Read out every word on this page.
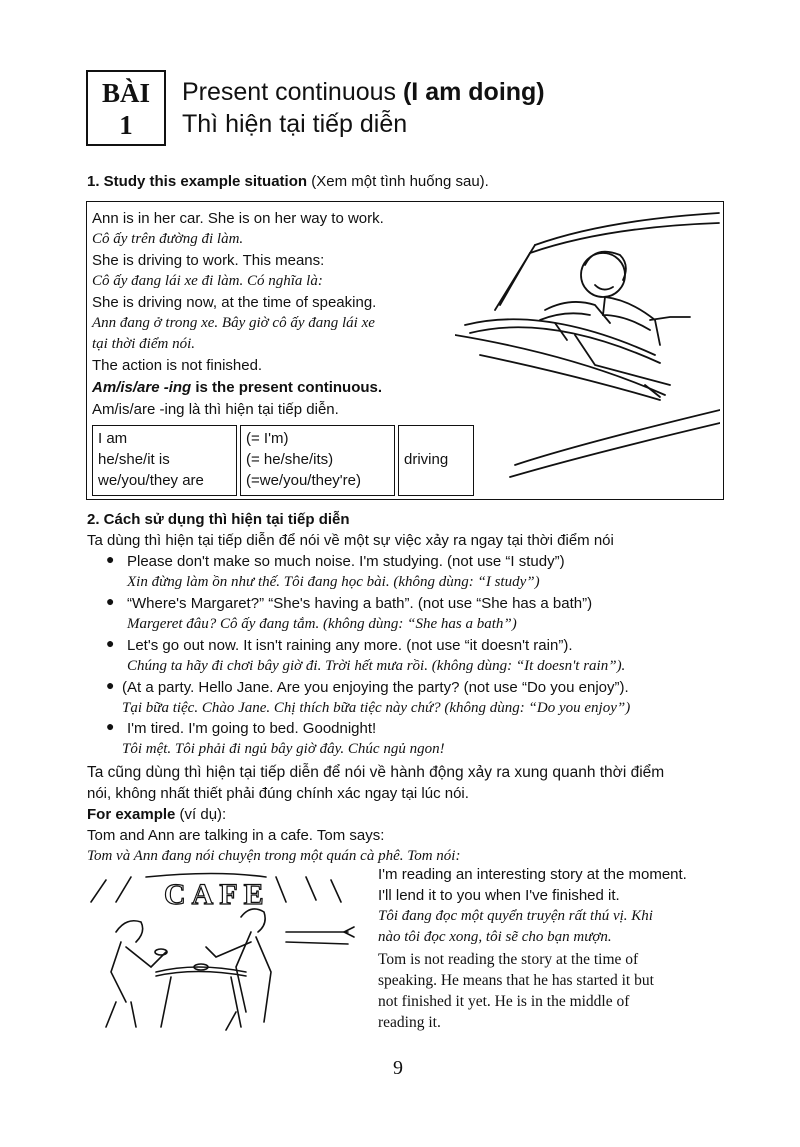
BÀI
1
Present continuous (I am doing)
Thì hiện tại tiếp diễn
1. Study this example situation (Xem một tình huống sau).
Ann is in her car. She is on her way to work.
Cô ấy trên đường đi làm.
She is driving to work. This means:
Cô ấy đang lái xe đi làm. Có nghĩa là:
She is driving now, at the time of speaking.
Ann đang ở trong xe. Bây giờ cô ấy đang lái xe
tại thời điểm nói.
The action is not finished.
Am/is/are -ing is the present continuous.
Am/is/are -ing là thì hiện tại tiếp diễn.
I am
he/she/it is
we/you/they are
(= I'm)
(= he/she/its)
(=we/you/they're)
driving
2. Cách sử dụng thì hiện tại tiếp diễn
Ta dùng thì hiện tại tiếp diễn để nói về một sự việc xảy ra ngay tại thời điểm nói
● Please don't make so much noise. I'm studying. (not use “I study”)
Xin đừng làm ồn như thế. Tôi đang học bài. (không dùng: “I study”)
● “Where's Margaret?” “She's having a bath”. (not use “She has a bath”)
Margeret đâu? Cô ấy đang tắm. (không dùng: “She has a bath”)
● Let's go out now. It isn't raining any more. (not use “it doesn't rain”).
Chúng ta hãy đi chơi bây giờ đi. Trời hết mưa rồi. (không dùng: “It doesn't rain”).
● (At a party. Hello Jane. Are you enjoying the party? (not use “Do you enjoy”).
Tại bữa tiệc. Chào Jane. Chị thích bữa tiệc này chứ? (không dùng: “Do you enjoy”)
● I'm tired. I'm going to bed. Goodnight!
Tôi mệt. Tôi phải đi ngủ bây giờ đây. Chúc ngủ ngon!
Ta cũng dùng thì hiện tại tiếp diễn để nói về hành động xảy ra xung quanh thời điểm
nói, không nhất thiết phải đúng chính xác ngay tại lúc nói.
For example (ví dụ):
Tom and Ann are talking in a cafe. Tom says:
Tom và Ann đang nói chuyện trong một quán cà phê. Tom nói:
CAFE
I'm reading an interesting story at the moment.
I'll lend it to you when I've finished it.
Tôi đang đọc một quyển truyện rất thú vị. Khi
nào tôi đọc xong, tôi sẽ cho bạn mượn.
Tom is not reading the story at the time of
speaking. He means that he has started it but
not finished it yet. He is in the middle of
reading it.
9
